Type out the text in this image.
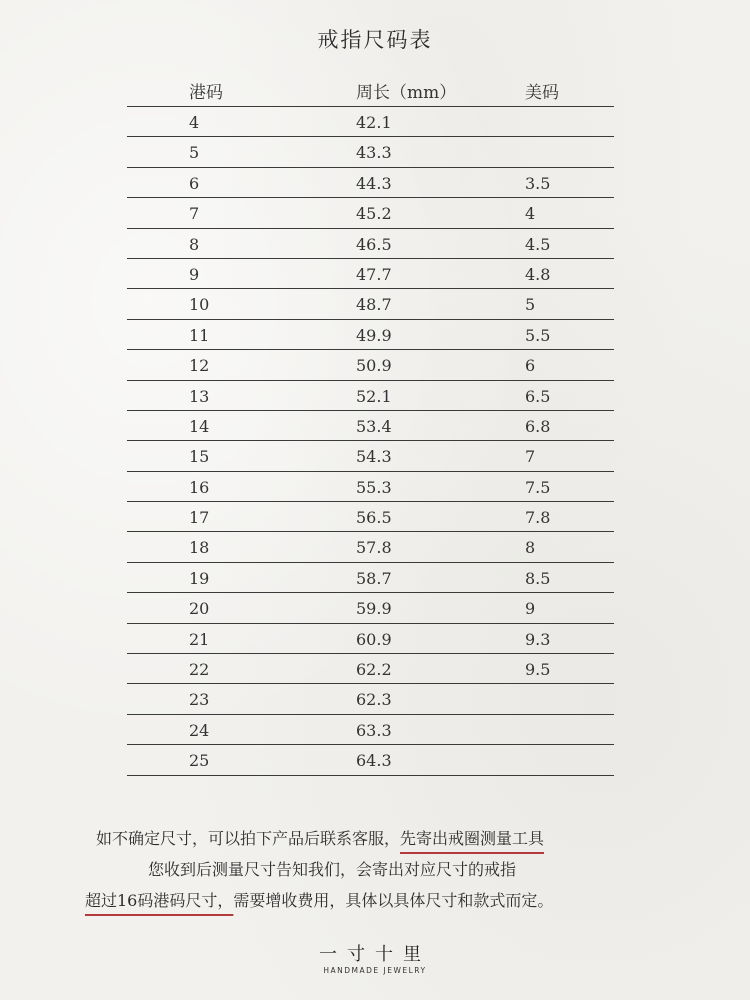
戒指尺码表
港码	周长（mm）	美码
4	42.1
5	43.3
6	44.3	3.5
7	45.2	4
8	46.5	4.5
9	47.7	4.8
10	48.7	5
11	49.9	5.5
12	50.9	6
13	52.1	6.5
14	53.4	6.8
15	54.3	7
16	55.3	7.5
17	56.5	7.8
18	57.8	8
19	58.7	8.5
20	59.9	9
21	60.9	9.3
22	62.2	9.5
23	62.3
24	63.3
25	64.3
如不确定尺寸，可以拍下产品后联系客服，先寄出戒圈测量工具
您收到后测量尺寸告知我们，会寄出对应尺寸的戒指
超过16码港码尺寸，需要增收费用，具体以具体尺寸和款式而定。
一寸十里
HANDMADE JEWELRY
